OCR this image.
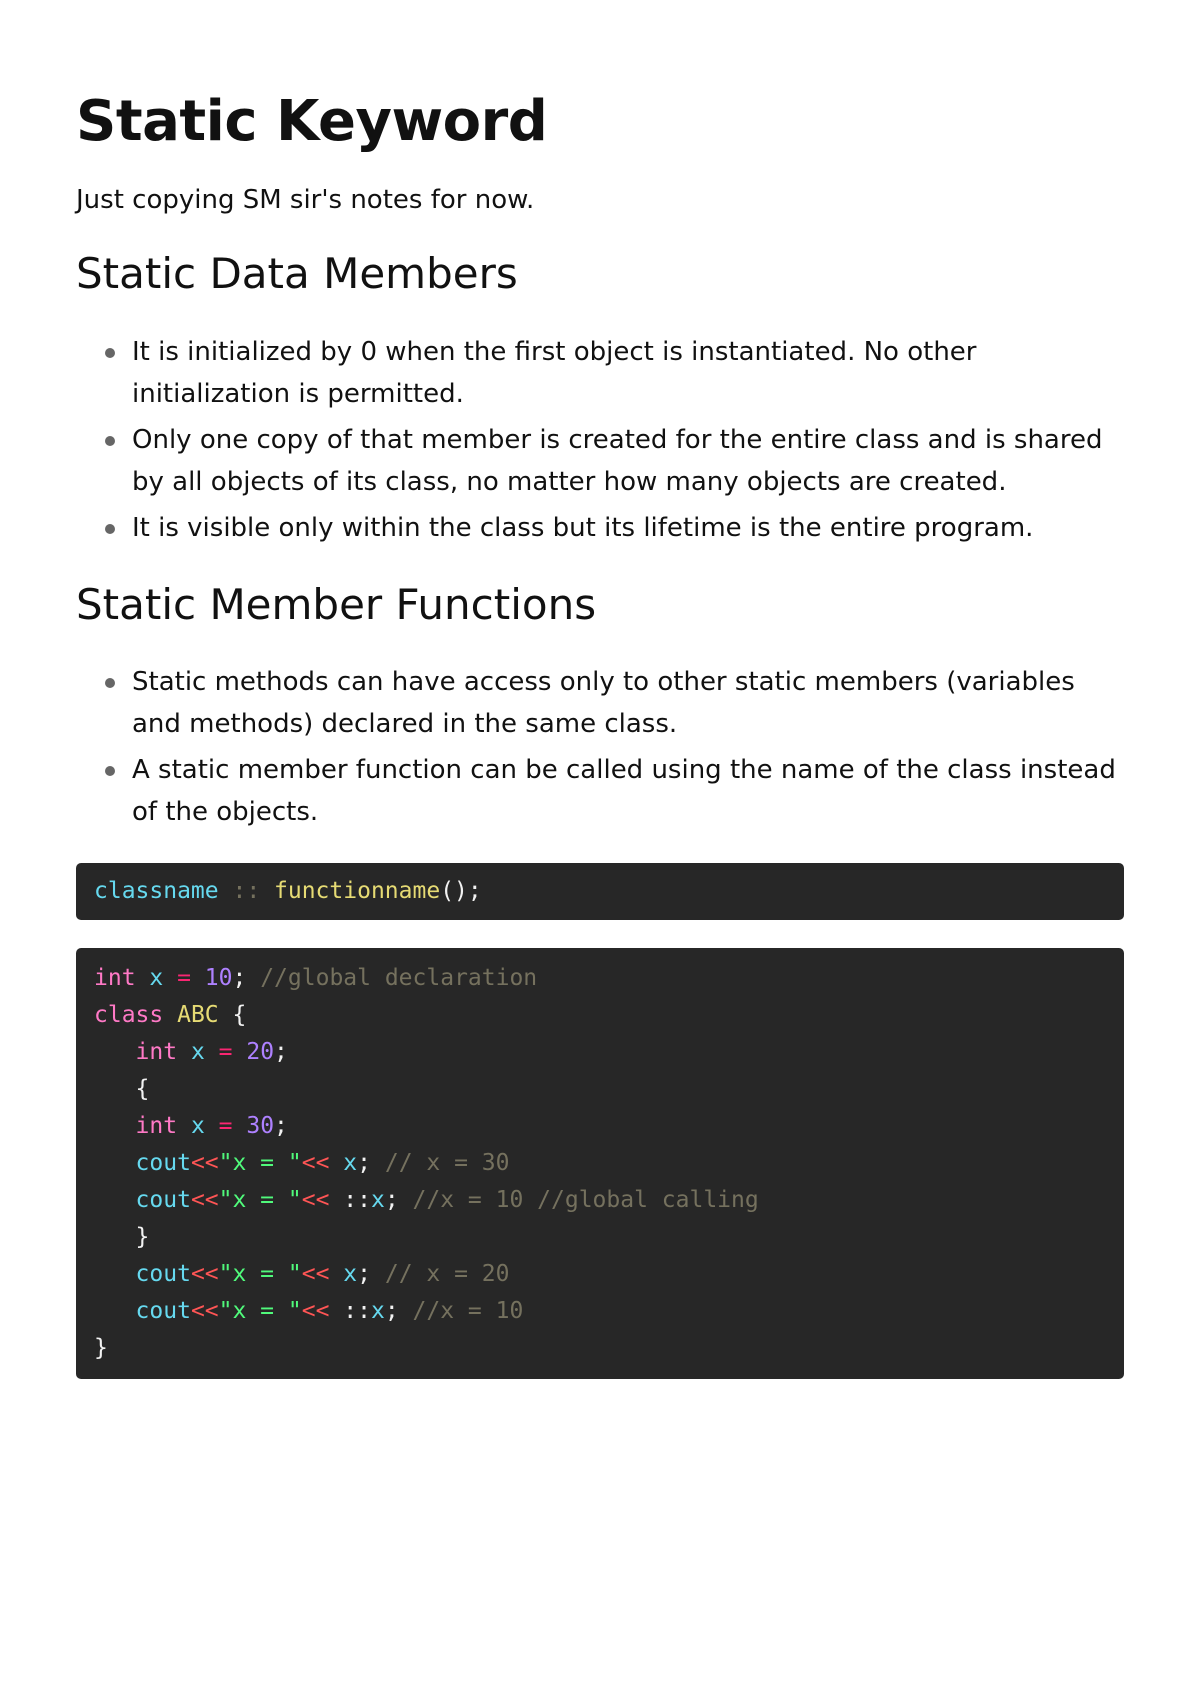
Static Keyword

Just copying SM sir's notes for now.

Static Data Members
It is initialized by 0 when the first object is instantiated. No other initialization is permitted.
Only one copy of that member is created for the entire class and is shared by all objects of its class, no matter how many objects are created.
It is visible only within the class but its lifetime is the entire program.
Static Member Functions
Static methods can have access only to other static members (variables and methods) declared in the same class.
A static member function can be called using the name of the class instead of the objects.
classname :: functionname();
int x = 10; //global declaration
class ABC {
int x = 20;
{
int x = 30;
cout<<"x = "<< x; // x = 30
cout<<"x = "<< ::x; //x = 10 //global calling
}
cout<<"x = "<< x; // x = 20
cout<<"x = "<< ::x; //x = 10
}
